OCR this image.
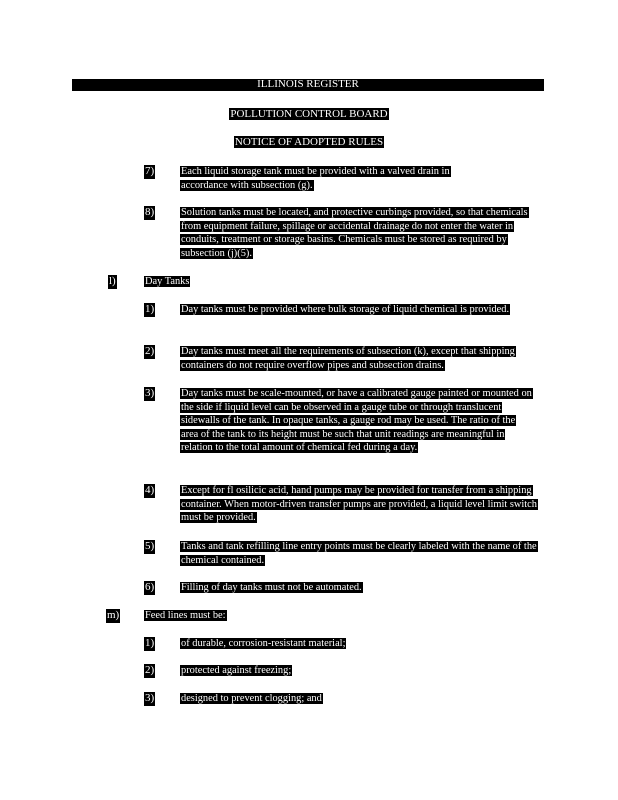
ILLINOIS REGISTER
POLLUTION CONTROL BOARD
NOTICE OF ADOPTED RULES
7)	Each liquid storage tank must be provided with a valved drain in accordance with subsection (g).
8)	Solution tanks must be located, and protective curbings provided, so that chemicals from equipment failure, spillage or accidental drainage do not enter the water in conduits, treatment or storage basins. Chemicals must be stored as required by subsection (j)(5).
l)	Day Tanks
1)	Day tanks must be provided where bulk storage of liquid chemical is provided.
2)	Day tanks must meet all the requirements of subsection (k), except that shipping containers do not require overflow pipes and subsection drains.
3)	Day tanks must be scale-mounted, or have a calibrated gauge painted or mounted on the side if liquid level can be observed in a gauge tube or through translucent sidewalls of the tank. In opaque tanks, a gauge rod may be used. The ratio of the area of the tank to its height must be such that unit readings are meaningful in relation to the total amount of chemical fed during a day.
4)	Except for fl osilicic acid, hand pumps may be provided for transfer from a shipping container. When motor-driven transfer pumps are provided, a liquid level limit switch must be provided.
5)	Tanks and tank refilling line entry points must be clearly labeled with the name of the chemical contained.
6)	Filling of day tanks must not be automated.
m) Feed lines must be:
1)	of durable, corrosion-resistant material;
2)	protected against freezing;
3)	designed to prevent clogging; and
